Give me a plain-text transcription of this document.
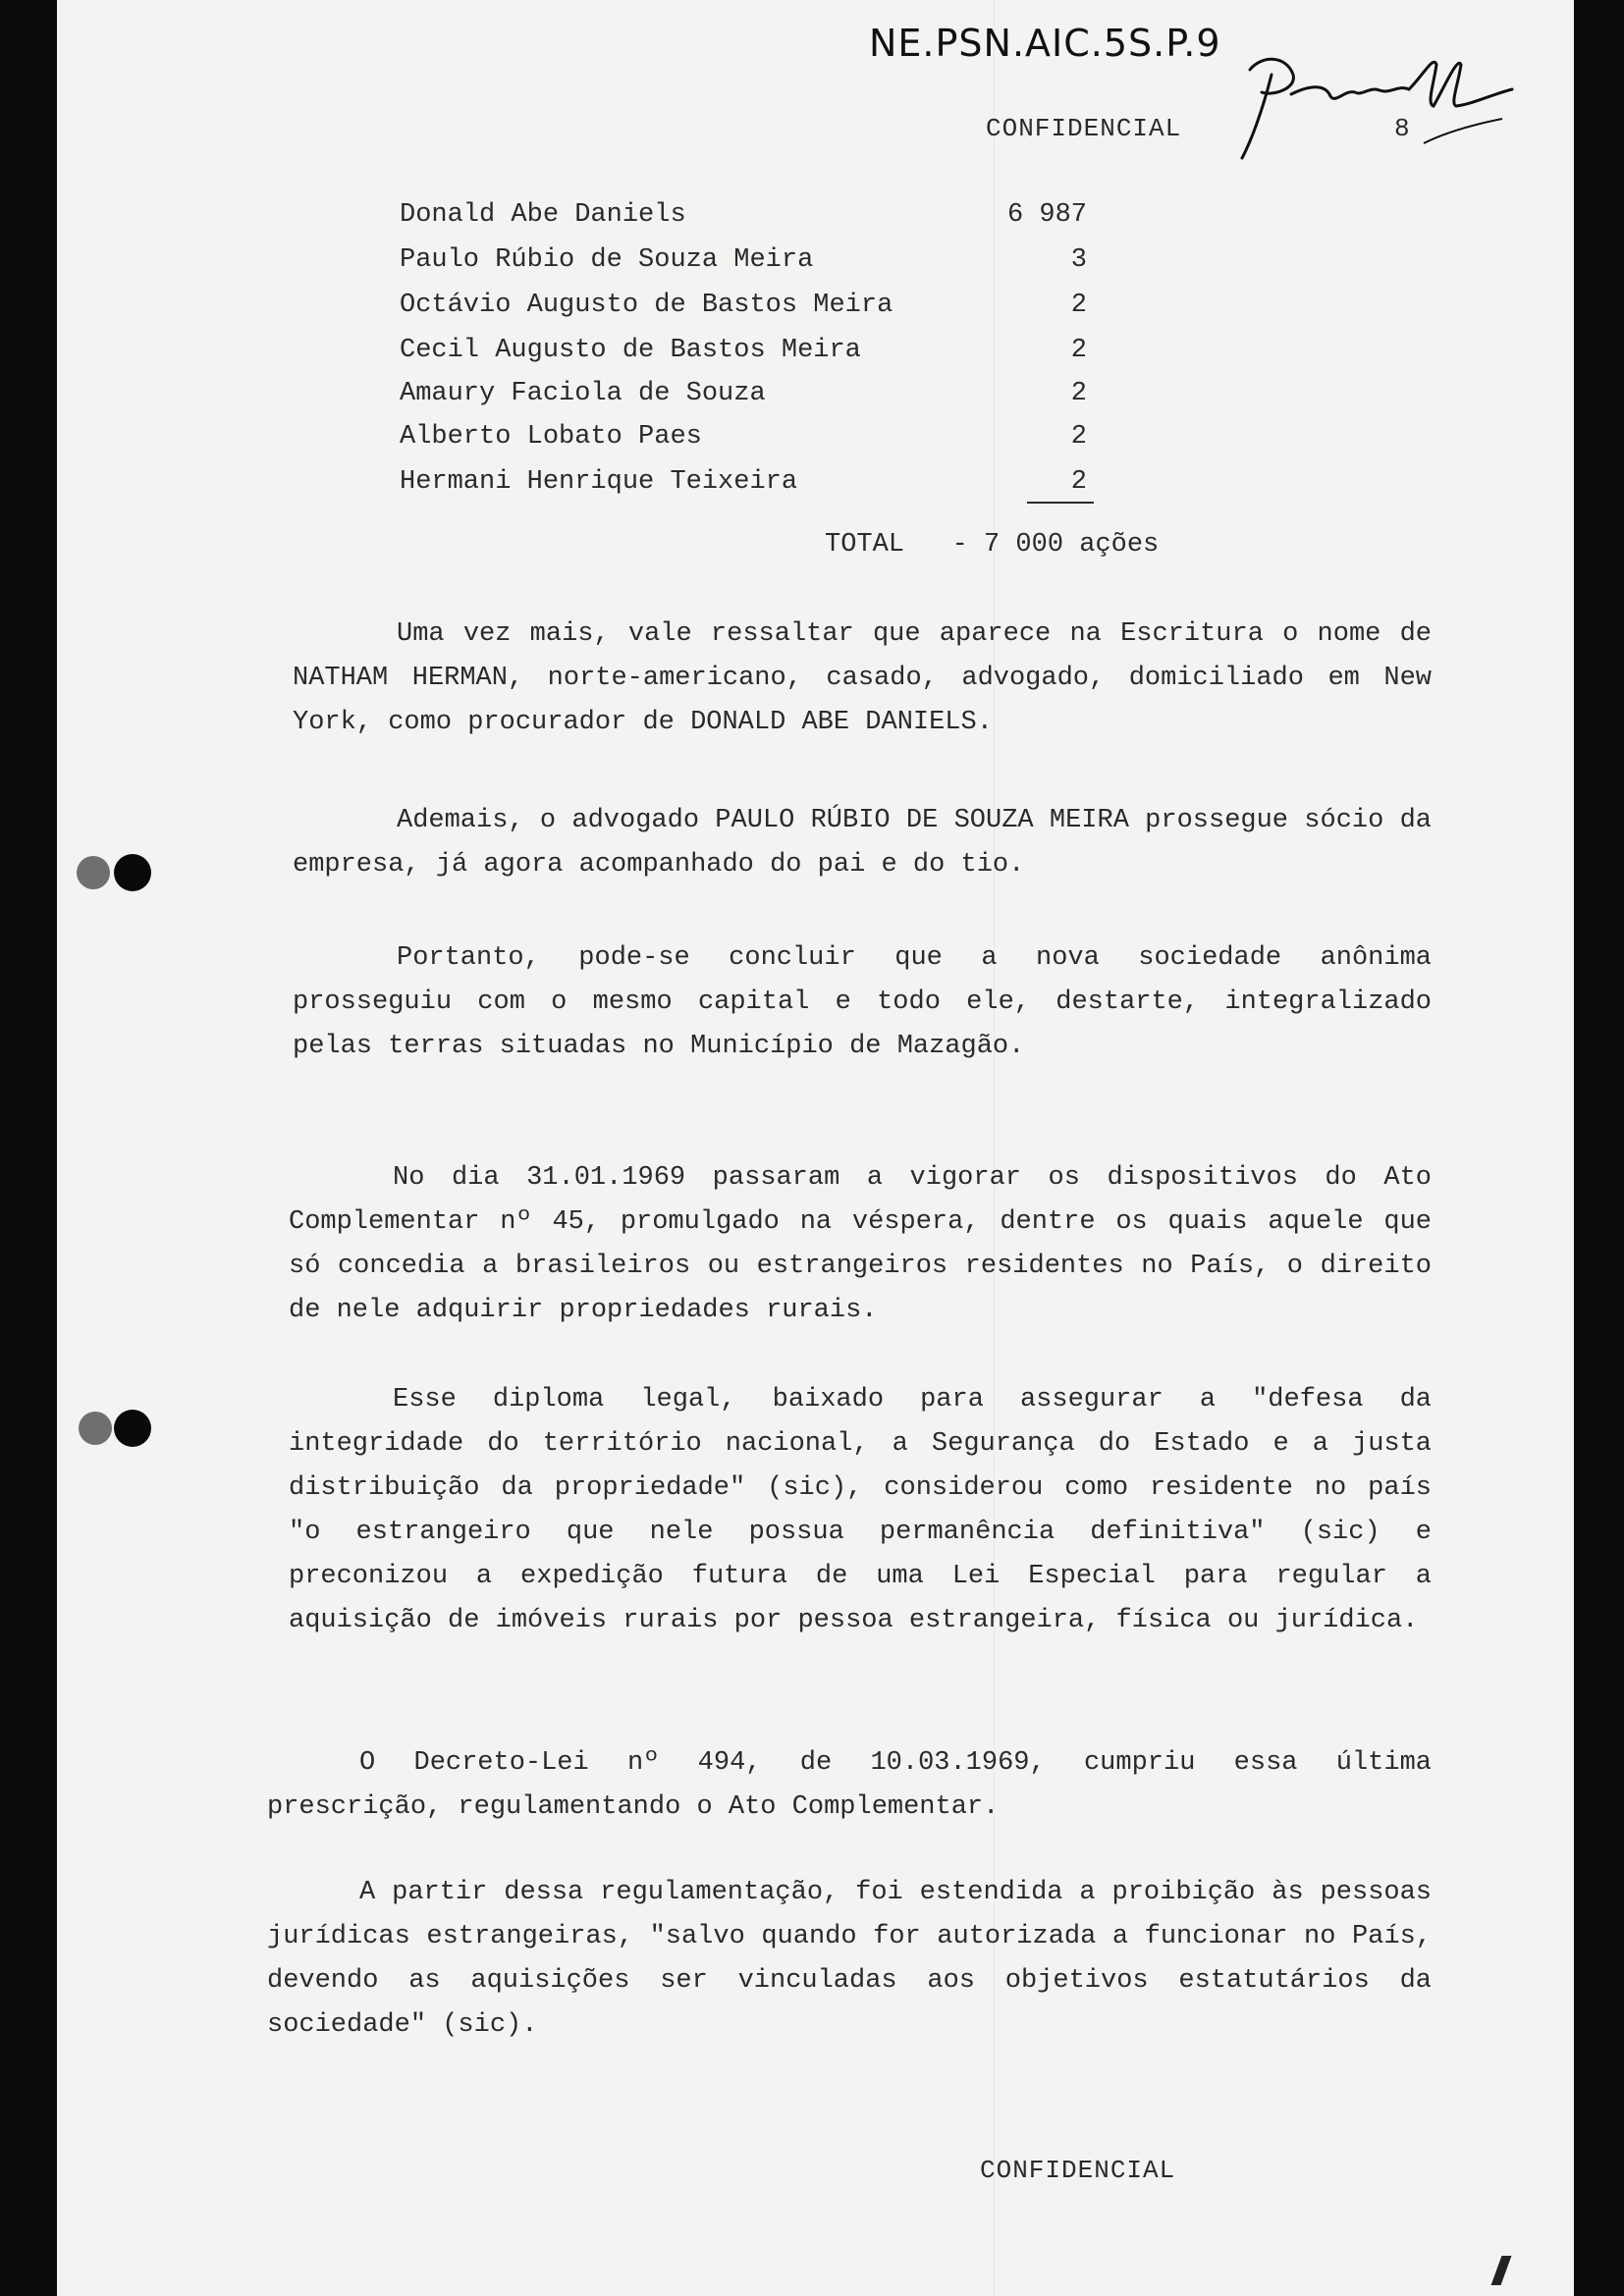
NE.PSN.AIC.5S.P.9
CONFIDENCIAL	8
Donald Abe Daniels	6 987
Paulo Rúbio de Souza Meira	3
Octávio Augusto de Bastos Meira	2
Cecil Augusto de Bastos Meira	2
Amaury Faciola de Souza	2
Alberto Lobato Paes	2
Hermani Henrique Teixeira	2
TOTAL   - 7 000 ações
Uma vez mais, vale ressaltar que aparece na Escritura o nome de NATHAM HERMAN, norte-americano, casado, advogado, domiciliado em New York, como procurador de DONALD ABE DANIELS.
Ademais, o advogado PAULO RÚBIO DE SOUZA MEIRA prossegue sócio da empresa, já agora acompanhado do pai e do tio.
Portanto, pode-se concluir que a nova sociedade anônima prosseguiu com o mesmo capital e todo ele, destarte, integralizado pelas terras situadas no Município de Mazagão.
No dia 31.01.1969 passaram a vigorar os dispositivos do Ato Complementar nº 45, promulgado na véspera, dentre os quais aquele que só concedia a brasileiros ou estrangeiros residentes no País, o direito de nele adquirir propriedades rurais.
Esse diploma legal, baixado para assegurar a "defesa da integridade do território nacional, a Segurança do Estado e a justa distribuição da propriedade" (sic), considerou como residente no país "o estrangeiro que nele possua permanência definitiva" (sic) e preconizou a expedição futura de uma Lei Especial para regular a aquisição de imóveis rurais por pessoa estrangeira, física ou jurídica.
O Decreto-Lei nº 494, de 10.03.1969, cumpriu essa última prescrição, regulamentando o Ato Complementar.
A partir dessa regulamentação, foi estendida a proibição às pessoas jurídicas estrangeiras, "salvo quando for autorizada a funcionar no País, devendo as aquisições ser vinculadas aos objetivos estatutários da sociedade" (sic).
CONFIDENCIAL
